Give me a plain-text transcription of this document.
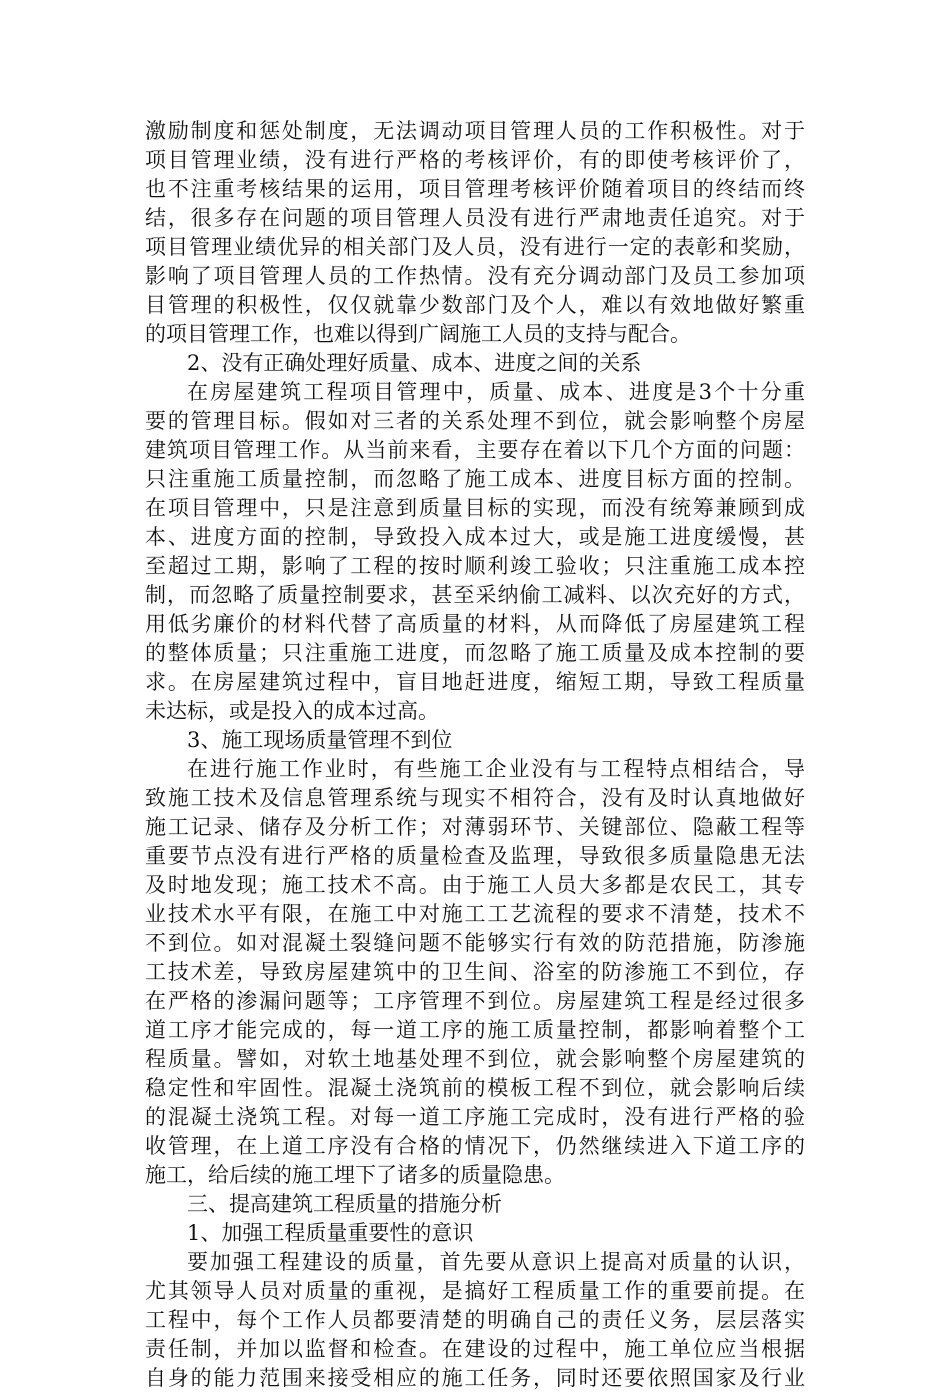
激励制度和惩处制度，无法调动项目管理人员的工作积极性。对于
项目管理业绩，没有进行严格的考核评价，有的即使考核评价了，
也不注重考核结果的运用，项目管理考核评价随着项目的终结而终
结，很多存在问题的项目管理人员没有进行严肃地责任追究。对于
项目管理业绩优异的相关部门及人员，没有进行一定的表彰和奖励，
影响了项目管理人员的工作热情。没有充分调动部门及员工参加项
目管理的积极性，仅仅就靠少数部门及个人，难以有效地做好繁重
的项目管理工作，也难以得到广阔施工人员的支持与配合。
2、没有正确处理好质量、成本、进度之间的关系
在房屋建筑工程项目管理中，质量、成本、进度是3个十分重
要的管理目标。假如对三者的关系处理不到位，就会影响整个房屋
建筑项目管理工作。从当前来看，主要存在着以下几个方面的问题：
只注重施工质量控制，而忽略了施工成本、进度目标方面的控制。
在项目管理中，只是注意到质量目标的实现，而没有统筹兼顾到成
本、进度方面的控制，导致投入成本过大，或是施工进度缓慢，甚
至超过工期，影响了工程的按时顺利竣工验收；只注重施工成本控
制，而忽略了质量控制要求，甚至采纳偷工减料、以次充好的方式，
用低劣廉价的材料代替了高质量的材料，从而降低了房屋建筑工程
的整体质量；只注重施工进度，而忽略了施工质量及成本控制的要
求。在房屋建筑过程中，盲目地赶进度，缩短工期，导致工程质量
未达标，或是投入的成本过高。
3、施工现场质量管理不到位
在进行施工作业时，有些施工企业没有与工程特点相结合，导
致施工技术及信息管理系统与现实不相符合，没有及时认真地做好
施工记录、储存及分析工作；对薄弱环节、关键部位、隐蔽工程等
重要节点没有进行严格的质量检查及监理，导致很多质量隐患无法
及时地发现；施工技术不高。由于施工人员大多都是农民工，其专
业技术水平有限，在施工中对施工工艺流程的要求不清楚，技术不
不到位。如对混凝土裂缝问题不能够实行有效的防范措施，防渗施
工技术差，导致房屋建筑中的卫生间、浴室的防渗施工不到位，存
在严格的渗漏问题等；工序管理不到位。房屋建筑工程是经过很多
道工序才能完成的，每一道工序的施工质量控制，都影响着整个工
程质量。譬如，对软土地基处理不到位，就会影响整个房屋建筑的
稳定性和牢固性。混凝土浇筑前的模板工程不到位，就会影响后续
的混凝土浇筑工程。对每一道工序施工完成时，没有进行严格的验
收管理，在上道工序没有合格的情况下，仍然继续进入下道工序的
施工，给后续的施工埋下了诸多的质量隐患。
三、提高建筑工程质量的措施分析
1、加强工程质量重要性的意识
要加强工程建设的质量，首先要从意识上提高对质量的认识，
尤其领导人员对质量的重视，是搞好工程质量工作的重要前提。在
工程中，每个工作人员都要清楚的明确自己的责任义务，层层落实
责任制，并加以监督和检查。在建设的过程中，施工单位应当根据
自身的能力范围来接受相应的施工任务，同时还要依照国家及行业
